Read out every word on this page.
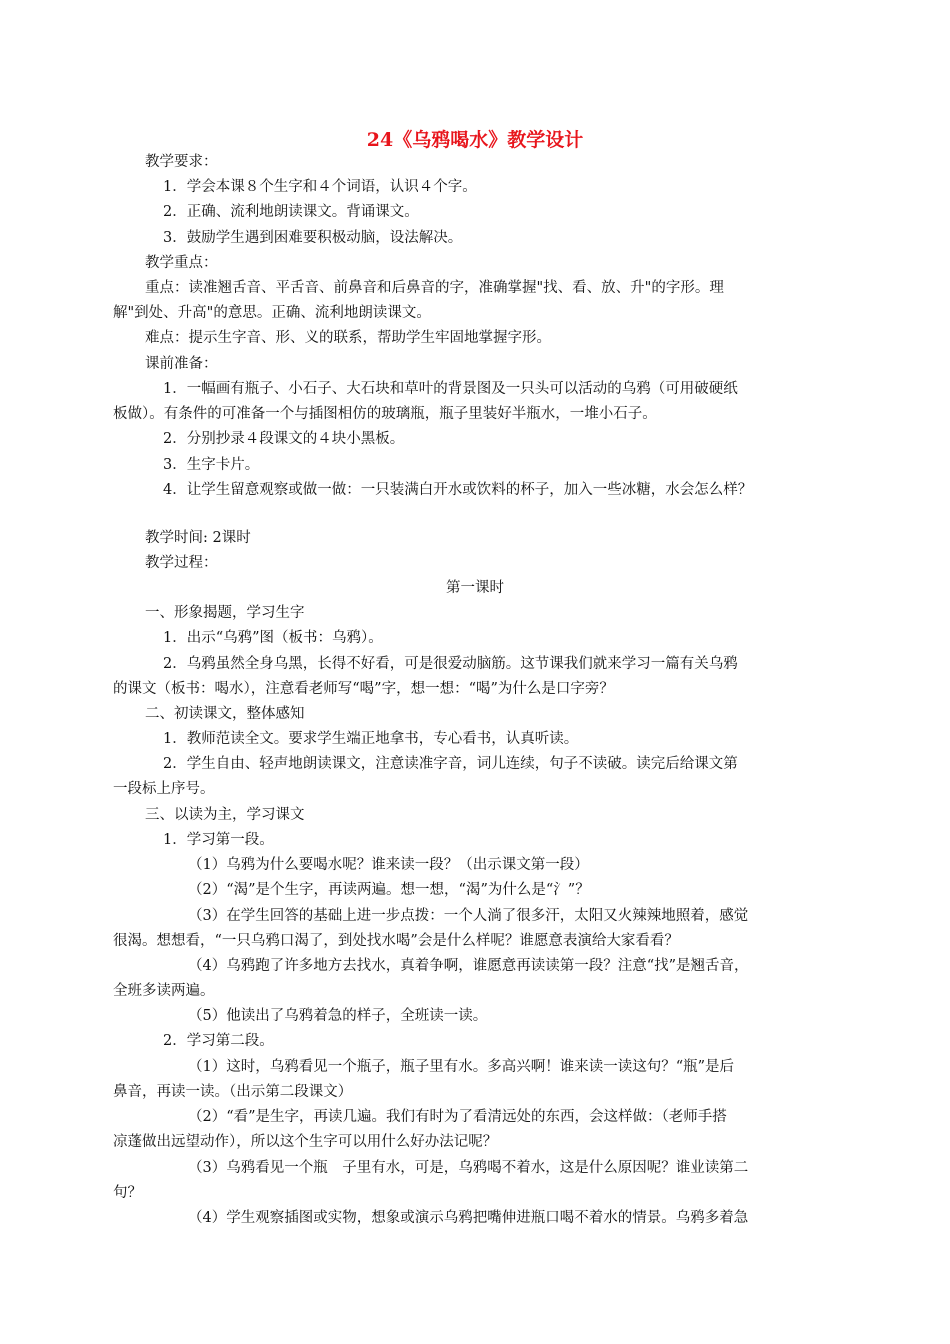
24《乌鸦喝水》教学设计
教学要求：
1．学会本课８个生字和４个词语，认识４个字。
2．正确、流利地朗读课文。背诵课文。
3．鼓励学生遇到困难要积极动脑，设法解决。
教学重点：
重点：读准翘舌音、平舌音、前鼻音和后鼻音的字，准确掌握"找、看、放、升"的字形。理
解"到处、升高"的意思。正确、流利地朗读课文。
难点：提示生字音、形、义的联系，帮助学生牢固地掌握字形。
课前准备：
1．一幅画有瓶子、小石子、大石块和草叶的背景图及一只头可以活动的乌鸦（可用破硬纸
板做）。有条件的可准备一个与插图相仿的玻璃瓶，瓶子里装好半瓶水，一堆小石子。
2．分别抄录４段课文的４块小黑板。
3．生字卡片。
4．让学生留意观察或做一做：一只装满白开水或饮料的杯子，加入一些冰糖，水会怎么样？
教学时间: 2课时
教学过程：
第一课时
一、形象揭题，学习生字
1．出示“乌鸦”图（板书：乌鸦）。
2．乌鸦虽然全身乌黑，长得不好看，可是很爱动脑筋。这节课我们就来学习一篇有关乌鸦
的课文（板书：喝水），注意看老师写“喝”字，想一想：“喝”为什么是口字旁？
二、初读课文，整体感知
1．教师范读全文。要求学生端正地拿书，专心看书，认真听读。
2．学生自由、轻声地朗读课文，注意读准字音，词儿连续，句子不读破。读完后给课文第
一段标上序号。
三、以读为主，学习课文
1．学习第一段。
（1）乌鸦为什么要喝水呢？谁来读一段？（出示课文第一段）
（2）“渴”是个生字，再读两遍。想一想，“渴”为什么是“氵”？
（3）在学生回答的基础上进一步点拨：一个人淌了很多汗，太阳又火辣辣地照着，感觉
很渴。想想看，“一只乌鸦口渴了，到处找水喝”会是什么样呢？谁愿意表演给大家看看？
（4）乌鸦跑了许多地方去找水，真着争啊，谁愿意再读读第一段？注意“找”是翘舌音，
全班多读两遍。
（5）他读出了乌鸦着急的样子，全班读一读。
2．学习第二段。
（1）这时，乌鸦看见一个瓶子，瓶子里有水。多高兴啊！谁来读一读这句？“瓶”是后
鼻音，再读一读。（出示第二段课文）
（2）“看”是生字，再读几遍。我们有时为了看清远处的东西，会这样做：（老师手搭
凉蓬做出远望动作），所以这个生字可以用什么好办法记呢？
（3）乌鸦看见一个瓶　子里有水，可是，乌鸦喝不着水，这是什么原因呢？谁业读第二
句？
（4）学生观察插图或实物，想象或演示乌鸦把嘴伸进瓶口喝不着水的情景。乌鸦多着急
